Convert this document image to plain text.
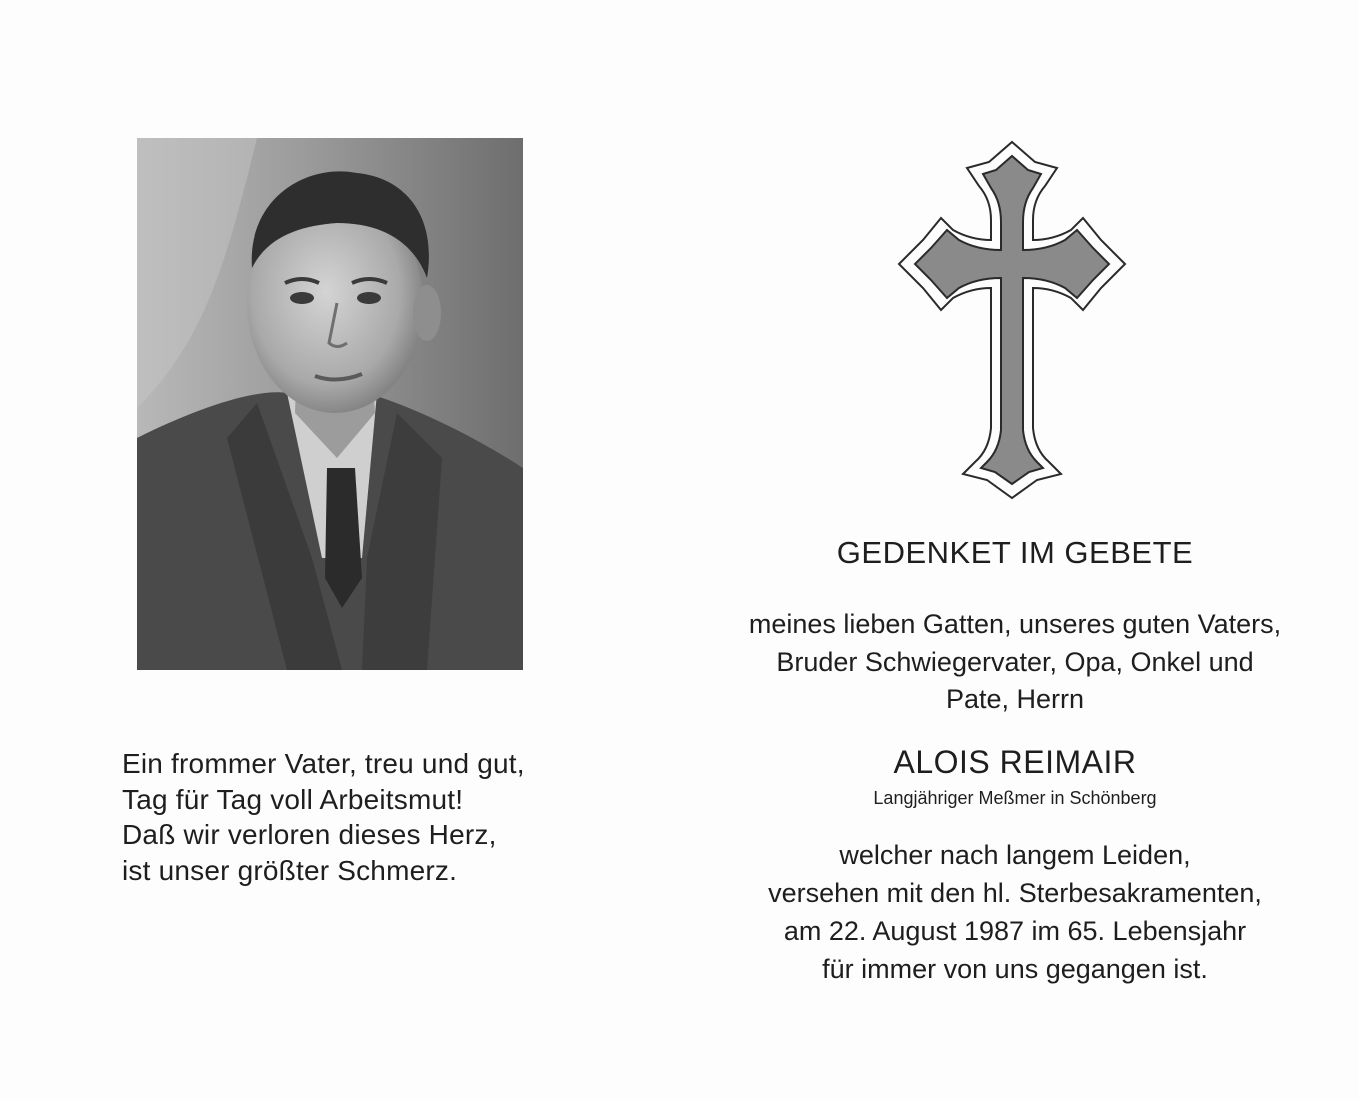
Ein frommer Vater, treu und gut,
Tag für Tag voll Arbeitsmut!
Daß wir verloren dieses Herz,
ist unser größter Schmerz.
GEDENKET IM GEBETE
meines lieben Gatten, unseres guten Vaters,
Bruder Schwiegervater, Opa, Onkel und
Pate, Herrn
ALOIS REIMAIR
Langjähriger Meßmer in Schönberg
welcher nach langem Leiden,
versehen mit den hl. Sterbesakramenten,
am 22. August 1987 im 65. Lebensjahr
für immer von uns gegangen ist.
